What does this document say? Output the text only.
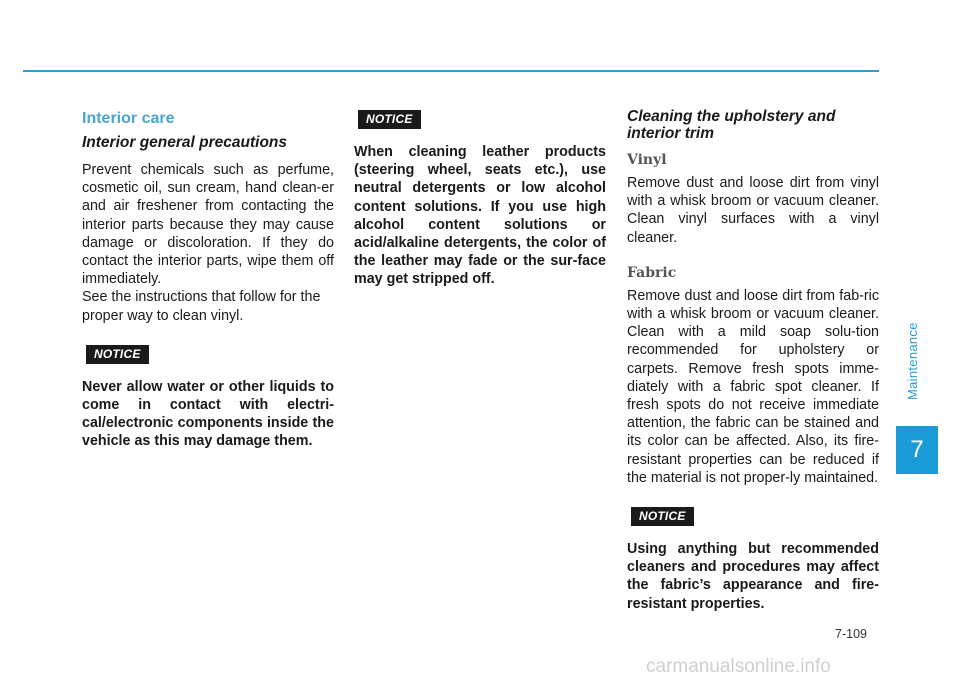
Interior care
Interior general precautions

Prevent chemicals such as perfume, cosmetic oil, sun cream, hand clean-er and air freshener from contacting the interior parts because they may cause damage or discoloration. If they do contact the interior parts, wipe them off immediately.

See the instructions that follow for the proper way to clean vinyl.

NOTICE

Never allow water or other liquids to come in contact with electri-cal/electronic components inside the vehicle as this may damage them.

NOTICE

When cleaning leather products (steering wheel, seats etc.), use neutral detergents or low alcohol content solutions. If you use high alcohol content solutions or acid/alkaline detergents, the color of the leather may fade or the sur-face may get stripped off.

Cleaning the upholstery and interior trim
Vinyl

Remove dust and loose dirt from vinyl with a whisk broom or vacuum cleaner. Clean vinyl surfaces with a vinyl cleaner.

Fabric

Remove dust and loose dirt from fab-ric with a whisk broom or vacuum cleaner. Clean with a mild soap solu-tion recommended for upholstery or carpets. Remove fresh spots imme-diately with a fabric spot cleaner. If fresh spots do not receive immediate attention, the fabric can be stained and its color can be affected. Also, its fire-resistant properties can be reduced if the material is not proper-ly maintained.

NOTICE

Using anything but recommended cleaners and procedures may affect the fabric’s appearance and fire-resistant properties.

Maintenance
7
7-109
carmanualsonline.info
